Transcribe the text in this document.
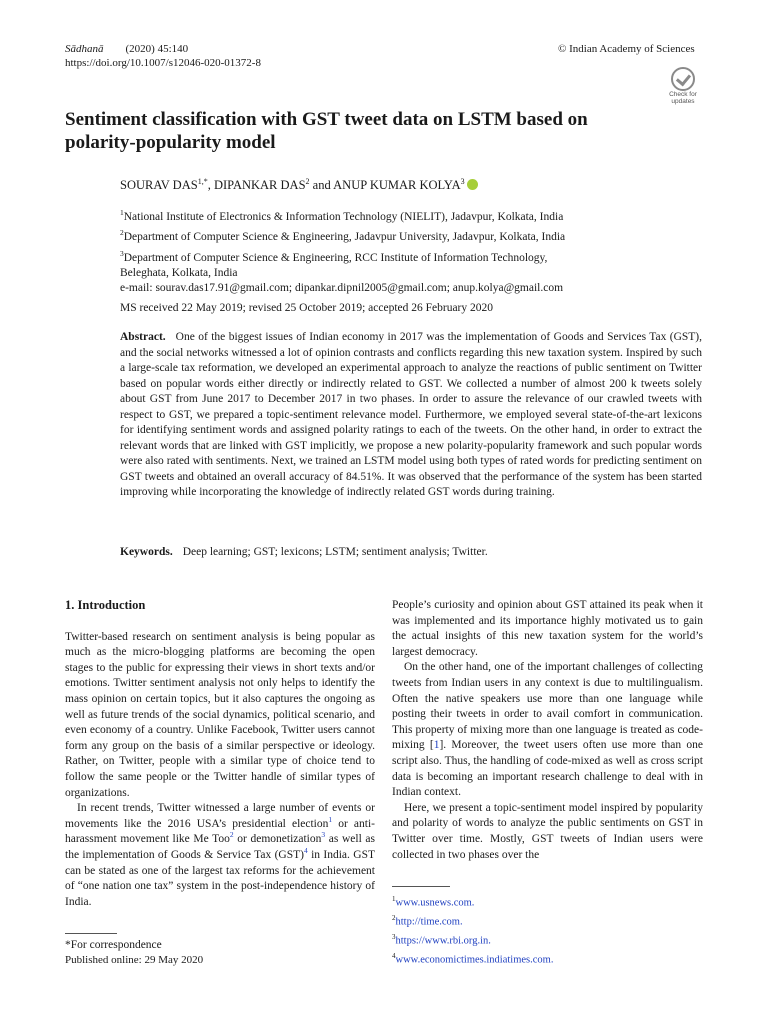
Sādhanā (2020) 45:140
https://doi.org/10.1007/s12046-020-01372-8
© Indian Academy of Sciences
Check for
updates
Sentiment classification with GST tweet data on LSTM based on polarity-popularity model
SOURAV $DAS^{1,*}$, DIPANKAR DAS$^2$ and ANUP KUMAR KOLYA$^3$
$^1$National Institute of Electronics & Information Technology (NIELIT), Jadavpur, Kolkata, India
$^2$Department of Computer Science & Engineering, Jadavpur University, Jadavpur, Kolkata, India
$^3$Department of Computer Science & Engineering, RCC Institute of Information Technology,
Beleghata, Kolkata, India
e-mail: sourav.das17.91@gmail.com; dipankar.dipnil2005@gmail.com; anup.kolya@gmail.com
MS received 22 May 2019; revised 25 October 2019; accepted 26 February 2020
Abstract. One of the biggest issues of Indian economy in 2017 was the implementation of Goods and Services Tax (GST), and the social networks witnessed a lot of opinion contrasts and conflicts regarding this new taxation system. Inspired by such a large-scale tax reformation, we developed an experimental approach to analyze the reactions of public sentiment on Twitter based on popular words either directly or indirectly related to GST. We collected a number of almost 200 k tweets solely about GST from June 2017 to December 2017 in two phases. In order to assure the relevance of our crawled tweets with respect to GST, we prepared a topic-sentiment relevance model. Furthermore, we employed several state-of-the-art lexicons for identifying sentiment words and assigned polarity ratings to each of the tweets. On the other hand, in order to extract the relevant words that are linked with GST implicitly, we propose a new polarity-popularity framework and such popular words were also rated with sentiments. Next, we trained an LSTM model using both types of rated words for predicting sentiment on GST tweets and obtained an overall accuracy of 84.51%. It was observed that the performance of the system has been started improving while incorporating the knowledge of indirectly related GST words during training.
Keywords. Deep learning; GST; lexicons; LSTM; sentiment analysis; Twitter.
1. Introduction

Twitter-based research on sentiment analysis is being popular as much as the micro-blogging platforms are becoming the open stages to the public for expressing their views in short texts and/or emotions. Twitter sentiment analysis not only helps to identify the mass opinion on certain topics, but it also captures the ongoing as well as future trends of the social dynamics, political scenario, and even economy of a country. Unlike Facebook, Twitter users cannot form any group on the basis of a similar perspective or ideology. Rather, on Twitter, people with a similar type of choice tend to follow the same people or the Twitter handle of similar types of organizations.

In recent trends, Twitter witnessed a large number of events or movements like the 2016 USA’s presidential election$^1$ or anti-harassment movement like Me Too$^2$ or demonetization$^3$ as well as the implementation of Goods & Service Tax (GST)$^4$ in India. GST can be stated as one of the largest tax reforms for the achievement of “one nation one tax” system in the post-independence history of India.

People’s curiosity and opinion about GST attained its peak when it was implemented and its importance highly motivated us to gain the actual insights of this new taxation system for the world’s largest democracy.

On the other hand, one of the important challenges of collecting tweets from Indian users in any context is due to multilingualism. Often the native speakers use more than one language while posting their tweets in order to avail comfort in communication. This property of mixing more than one language is treated as code-mixing [1]. Moreover, the tweet users often use more than one script also. Thus, the handling of code-mixed as well as cross script data is becoming an important research challenge to deal with in Indian context.

Here, we present a topic-sentiment model inspired by popularity and polarity of words to analyze the public sentiments on GST in Twitter over time. Mostly, GST tweets of Indian users were collected in two phases over the

$^1$www.usnews.com.
$^2$http://time.com.
$^3$https://www.rbi.org.in.
$^4$www.economictimes.indiatimes.com.
*For correspondence
Published online: 29 May 2020
